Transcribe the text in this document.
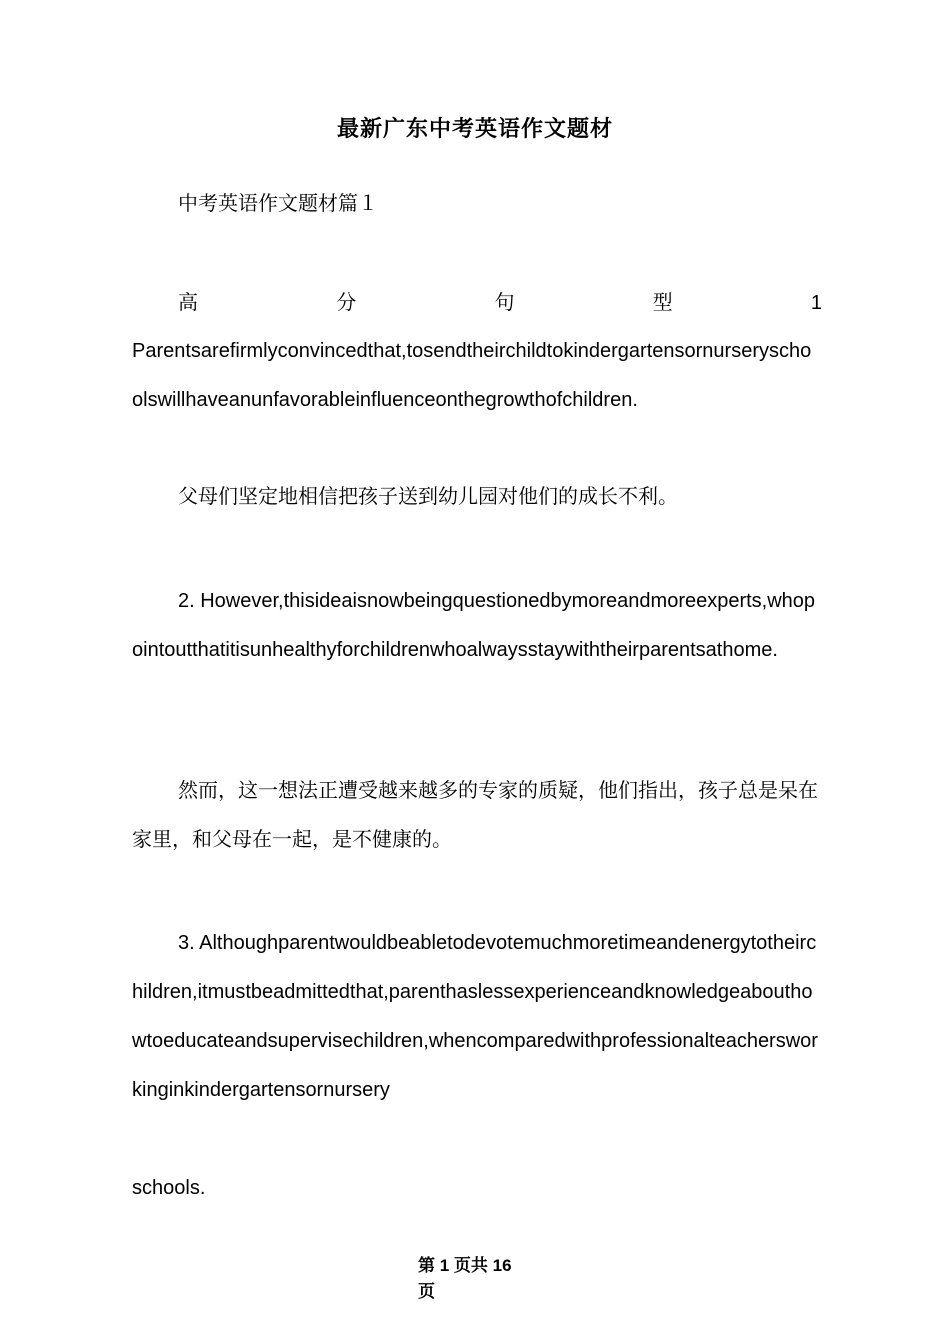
最新广东中考英语作文题材
中考英语作文题材篇１
高	分	句	型	1
Parentsarefirmlyconvincedthat,tosendtheirchildtokindergartensornurseryschoolswillhaveanunfavorableinfluenceonthegrowthofchildren.
父母们坚定地相信把孩子送到幼儿园对他们的成长不利。
2. However,thisideaisnowbeingquestionedbymoreandmoreexperts,whopointoutthatitisunhealthyforchildrenwhoalwaysstaywiththeirparentsathome.
然而，这一想法正遭受越来越多的专家的质疑，他们指出，孩子总是呆在家里，和父母在一起，是不健康的。
3. Althoughparentwouldbeabletodevotemuchmoretimeandenergytotheirchildren,itmustbeadmittedthat,parenthaslessexperienceandknowledgeabouthowtoeducateandsupervisechildren,whencomparedwithprofessionalteachersworkinginkindergartensornursery
schools.
第 1 页共 16
页
